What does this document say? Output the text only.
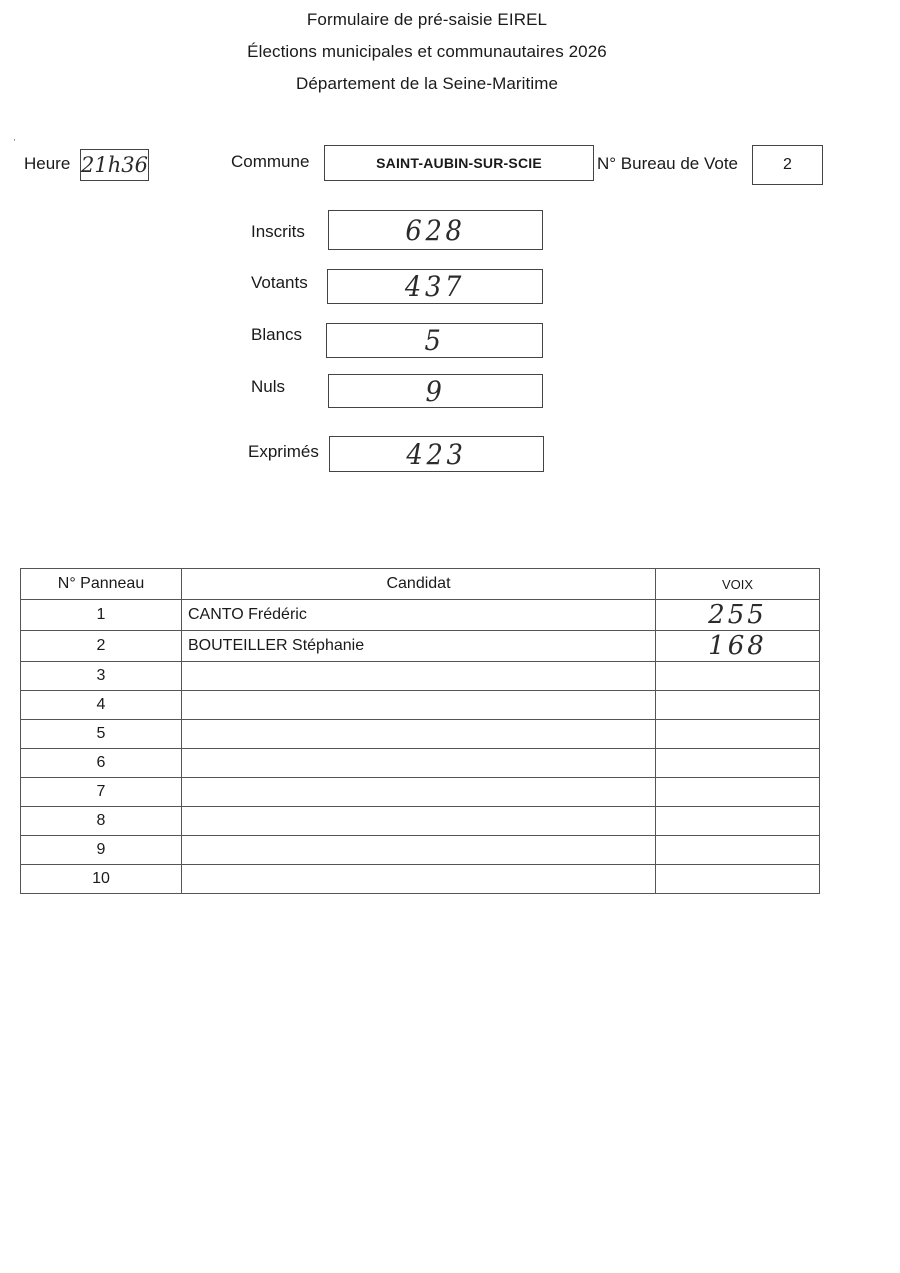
Formulaire de pré-saisie EIREL
Élections municipales et communautaires 2026
Département de la Seine-Maritime
'
Heure 21h36	Commune	SAINT-AUBIN-SUR-SCIE	N° Bureau de Vote	2
Inscrits	628
Votants	437
Blancs	5
Nuls	9
Exprimés	423
N° Panneau	Candidat	VOIX
1	CANTO Frédéric	255
2	BOUTEILLER Stéphanie	168
3		
4		
5		
6		
7		
8		
9		
10		
